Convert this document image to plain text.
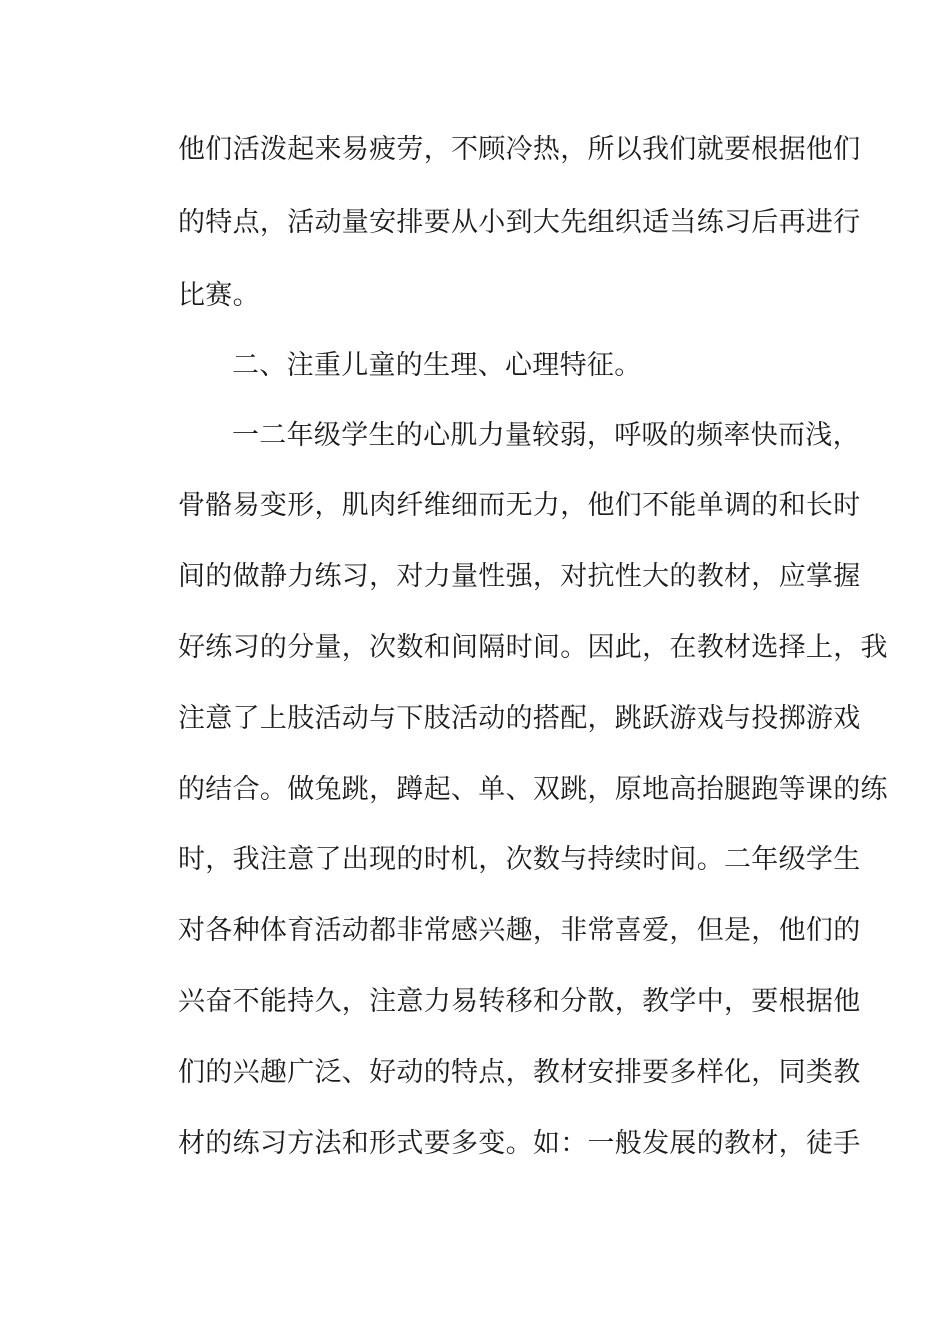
他们活泼起来易疲劳，不顾冷热，所以我们就要根据他们
的特点，活动量安排要从小到大先组织适当练习后再进行
比赛。
二、注重儿童的生理、心理特征。
一二年级学生的心肌力量较弱，呼吸的频率快而浅，
骨骼易变形，肌肉纤维细而无力，他们不能单调的和长时
间的做静力练习，对力量性强，对抗性大的教材，应掌握
好练习的分量，次数和间隔时间。因此，在教材选择上，我
注意了上肢活动与下肢活动的搭配，跳跃游戏与投掷游戏
的结合。做兔跳，蹲起、单、双跳，原地高抬腿跑等课的练
时，我注意了出现的时机，次数与持续时间。二年级学生
对各种体育活动都非常感兴趣，非常喜爱，但是，他们的
兴奋不能持久，注意力易转移和分散，教学中，要根据他
们的兴趣广泛、好动的特点，教材安排要多样化，同类教
材的练习方法和形式要多变。如：一般发展的教材，徒手
